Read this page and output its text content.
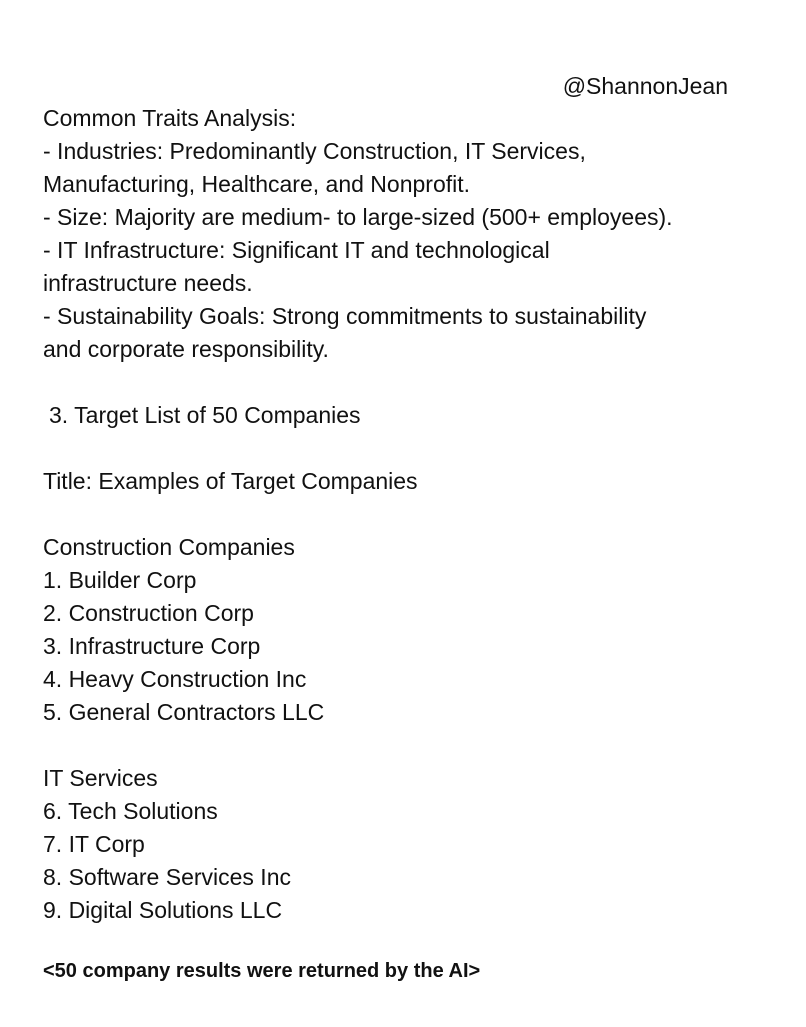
@ShannonJean

Common Traits Analysis:

- Industries: Predominantly Construction, IT Services,

Manufacturing, Healthcare, and Nonprofit.

- Size: Majority are medium- to large-sized (500+ employees).

- IT Infrastructure: Significant IT and technological

infrastructure needs.

- Sustainability Goals: Strong commitments to sustainability

and corporate responsibility.

3. Target List of 50 Companies

Title: Examples of Target Companies

Construction Companies

1. Builder Corp

2. Construction Corp

3. Infrastructure Corp

4. Heavy Construction Inc

5. General Contractors LLC

IT Services

6. Tech Solutions

7. IT Corp

8. Software Services Inc

9. Digital Solutions LLC

<50 company results were returned by the AI>
